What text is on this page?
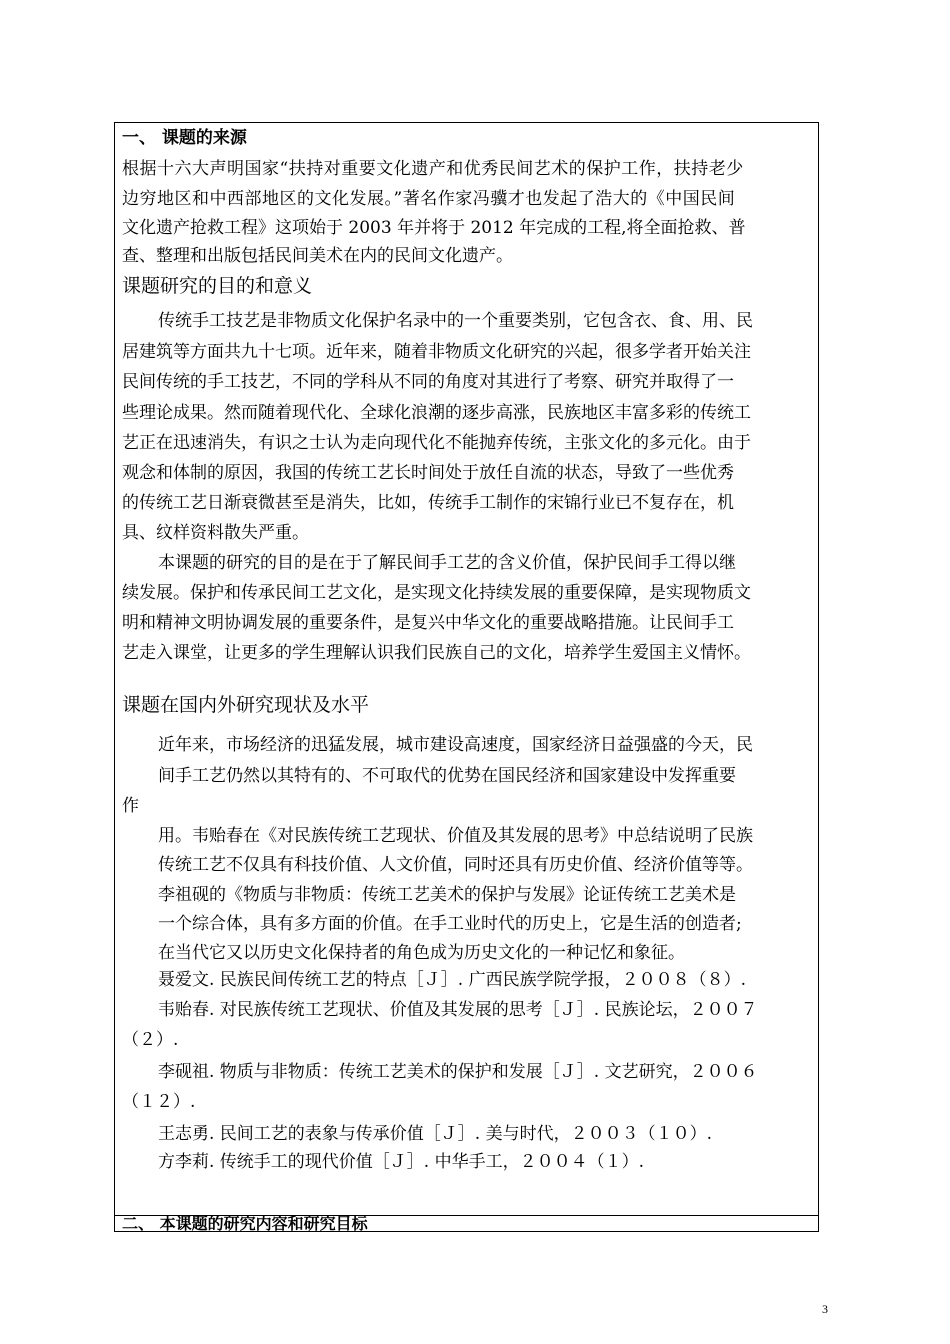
一、 课题的来源
根据十六大声明国家“扶持对重要文化遗产和优秀民间艺术的保护工作，扶持老少
边穷地区和中西部地区的文化发展。”著名作家冯骥才也发起了浩大的《中国民间
文化遗产抢救工程》这项始于 2003 年并将于 2012 年完成的工程,将全面抢救、普
查、整理和出版包括民间美术在内的民间文化遗产。
课题研究的目的和意义
传统手工技艺是非物质文化保护名录中的一个重要类别，它包含衣、食、用、民
居建筑等方面共九十七项。近年来，随着非物质文化研究的兴起，很多学者开始关注
民间传统的手工技艺，不同的学科从不同的角度对其进行了考察、研究并取得了一
些理论成果。然而随着现代化、全球化浪潮的逐步高涨，民族地区丰富多彩的传统工
艺正在迅速消失，有识之士认为走向现代化不能抛弃传统，主张文化的多元化。由于
观念和体制的原因，我国的传统工艺长时间处于放任自流的状态，导致了一些优秀
的传统工艺日渐衰微甚至是消失，比如，传统手工制作的宋锦行业已不复存在，机
具、纹样资料散失严重。
本课题的研究的目的是在于了解民间手工艺的含义价值，保护民间手工得以继
续发展。保护和传承民间工艺文化，是实现文化持续发展的重要保障，是实现物质文
明和精神文明协调发展的重要条件，是复兴中华文化的重要战略措施。让民间手工
艺走入课堂，让更多的学生理解认识我们民族自己的文化，培养学生爱国主义情怀。
课题在国内外研究现状及水平
近年来，市场经济的迅猛发展，城市建设高速度，国家经济日益强盛的今天，民
间手工艺仍然以其特有的、不可取代的优势在国民经济和国家建设中发挥重要
作
用。韦贻春在《对民族传统工艺现状、价值及其发展的思考》中总结说明了民族
传统工艺不仅具有科技价值、人文价值，同时还具有历史价值、经济价值等等。
李祖砚的《物质与非物质：传统工艺美术的保护与发展》论证传统工艺美术是
一个综合体，具有多方面的价值。在手工业时代的历史上，它是生活的创造者;
在当代它又以历史文化保持者的角色成为历史文化的一种记忆和象征。
聂爱文. 民族民间传统工艺的特点［Ｊ］. 广西民族学院学报，２００８（８）.
韦贻春. 对民族传统工艺现状、价值及其发展的思考［Ｊ］. 民族论坛，２００７
（２）.
李砚祖. 物质与非物质：传统工艺美术的保护和发展［Ｊ］. 文艺研究，２００６
（１２）.
王志勇. 民间工艺的表象与传承价值［Ｊ］. 美与时代，２００３（１０）.
方李莉. 传统手工的现代价值［Ｊ］. 中华手工，２００４（１）.
二、 本课题的研究内容和研究目标
3
